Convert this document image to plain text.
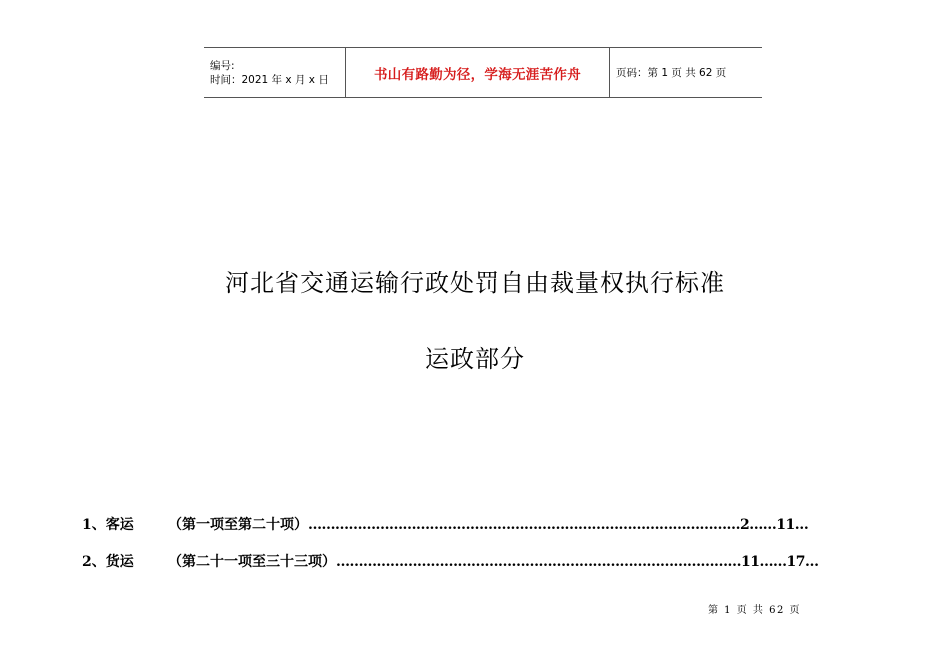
编号:
时间：2021 年 x 月 x 日	书山有路勤为径，学海无涯苦作舟	页码：第 1 页 共 62 页
河北省交通运输行政处罚自由裁量权执行标准
运政部分
1、客运 （第一项至第二十项）……………………………………………………………………………………2……11…
2、货运 （第二十一项至三十三项）………………………………………………………………………………11……17…
第 1 页 共 62 页
